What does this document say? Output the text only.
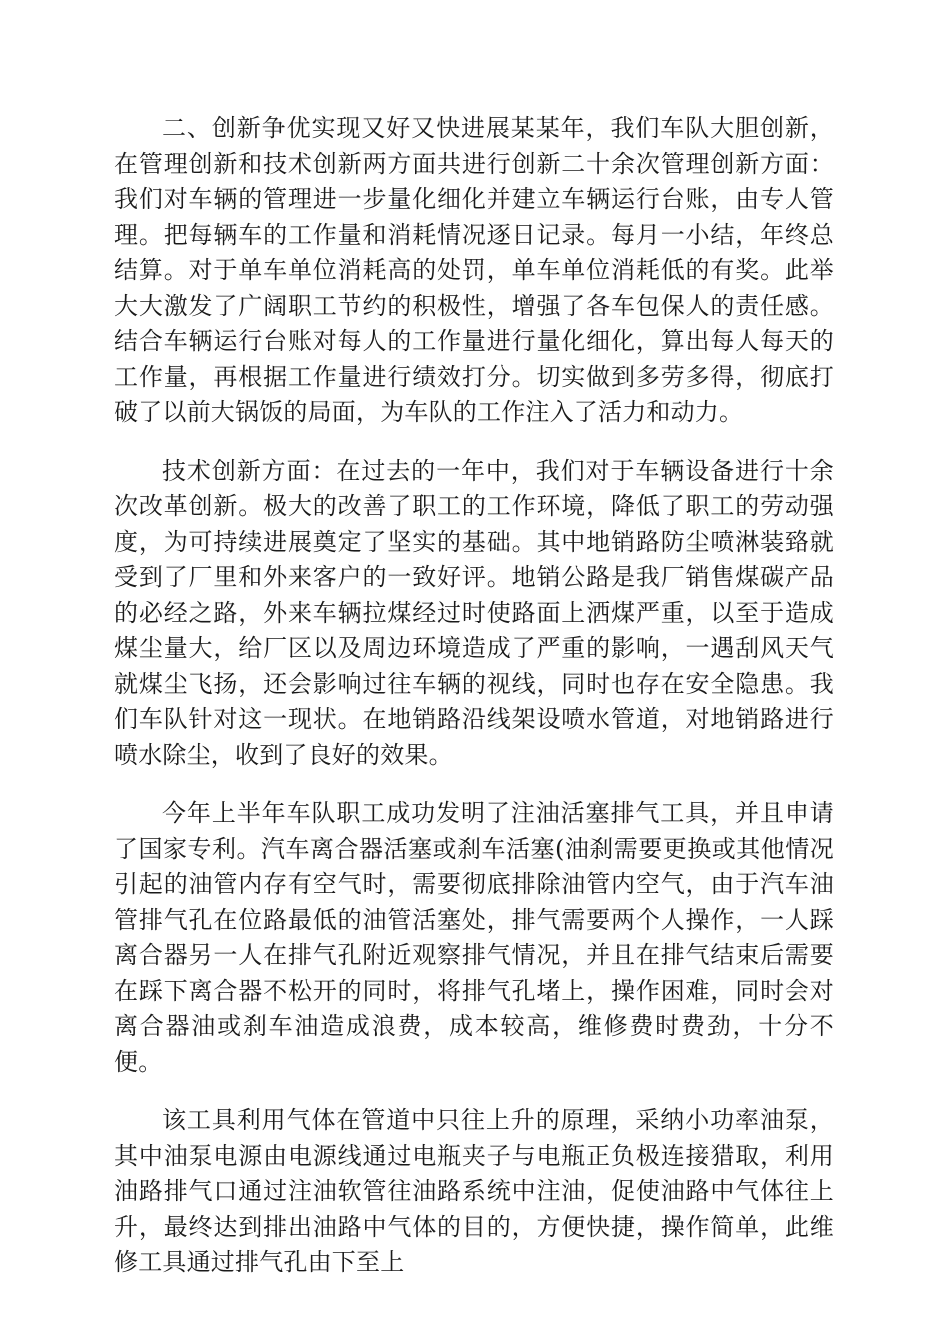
二、创新争优实现又好又快进展某某年，我们车队大胆创新，在管理创新和技术创新两方面共进行创新二十余次管理创新方面：我们对车辆的管理进一步量化细化并建立车辆运行台账，由专人管理。把每辆车的工作量和消耗情况逐日记录。每月一小结，年终总结算。对于单车单位消耗高的处罚，单车单位消耗低的有奖。此举大大激发了广阔职工节约的积极性，增强了各车包保人的责任感。结合车辆运行台账对每人的工作量进行量化细化，算出每人每天的工作量，再根据工作量进行绩效打分。切实做到多劳多得，彻底打破了以前大锅饭的局面，为车队的工作注入了活力和动力。

技术创新方面：在过去的一年中，我们对于车辆设备进行十余次改革创新。极大的改善了职工的工作环境，降低了职工的劳动强度，为可持续进展奠定了坚实的基础。其中地销路防尘喷淋装臵就受到了厂里和外来客户的一致好评。地销公路是我厂销售煤碳产品的必经之路，外来车辆拉煤经过时使路面上洒煤严重，以至于造成煤尘量大，给厂区以及周边环境造成了严重的影响，一遇刮风天气就煤尘飞扬，还会影响过往车辆的视线，同时也存在安全隐患。我们车队针对这一现状。在地销路沿线架设喷水管道，对地销路进行喷水除尘，收到了良好的效果。

今年上半年车队职工成功发明了注油活塞排气工具，并且申请了国家专利。汽车离合器活塞或刹车活塞(油刹需要更换或其他情况引起的油管内存有空气时，需要彻底排除油管内空气，由于汽车油管排气孔在位路最低的油管活塞处，排气需要两个人操作，一人踩离合器另一人在排气孔附近观察排气情况，并且在排气结束后需要在踩下离合器不松开的同时，将排气孔堵上，操作困难，同时会对离合器油或刹车油造成浪费，成本较高，维修费时费劲，十分不便。

该工具利用气体在管道中只往上升的原理，采纳小功率油泵，其中油泵电源由电源线通过电瓶夹子与电瓶正负极连接猎取，利用油路排气口通过注油软管往油路系统中注油，促使油路中气体往上升，最终达到排出油路中气体的目的，方便快捷，操作简单，此维修工具通过排气孔由下至上
